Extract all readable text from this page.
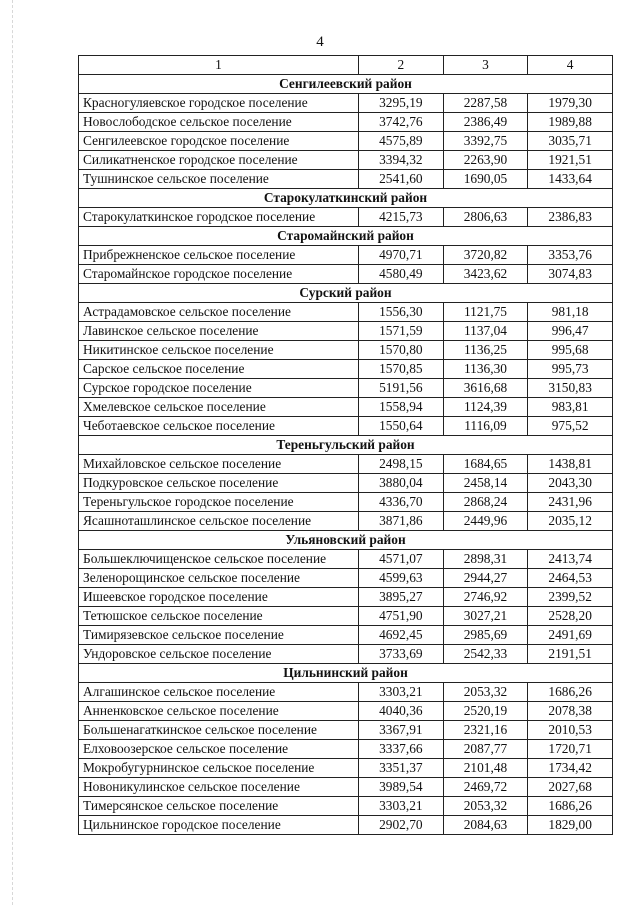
4
1	2	3	4
Сенгилеевский район			
Красногуляевское городское поселение	3295,19	2287,58	1979,30
Новослободское сельское поселение	3742,76	2386,49	1989,88
Сенгилеевское городское поселение	4575,89	3392,75	3035,71
Силикатненское городское поселение	3394,32	2263,90	1921,51
Тушнинское сельское поселение	2541,60	1690,05	1433,64
Старокулаткинский район			
Старокулаткинское городское поселение	4215,73	2806,63	2386,83
Старомайнский район			
Прибрежненское сельское поселение	4970,71	3720,82	3353,76
Старомайнское городское поселение	4580,49	3423,62	3074,83
Сурский район			
Астрадамовское сельское поселение	1556,30	1121,75	981,18
Лавинское сельское поселение	1571,59	1137,04	996,47
Никитинское сельское поселение	1570,80	1136,25	995,68
Сарское сельское поселение	1570,85	1136,30	995,73
Сурское городское поселение	5191,56	3616,68	3150,83
Хмелевское сельское поселение	1558,94	1124,39	983,81
Чеботаевское сельское поселение	1550,64	1116,09	975,52
Тереньгульский район			
Михайловское сельское поселение	2498,15	1684,65	1438,81
Подкуровское сельское поселение	3880,04	2458,14	2043,30
Тереньгульское городское поселение	4336,70	2868,24	2431,96
Ясашноташлинское сельское поселение	3871,86	2449,96	2035,12
Ульяновский район			
Большеключищенское сельское поселение	4571,07	2898,31	2413,74
Зеленорощинское сельское поселение	4599,63	2944,27	2464,53
Ишеевское городское поселение	3895,27	2746,92	2399,52
Тетюшское сельское поселение	4751,90	3027,21	2528,20
Тимирязевское сельское поселение	4692,45	2985,69	2491,69
Ундоровское сельское поселение	3733,69	2542,33	2191,51
Цильнинский район			
Алгашинское сельское поселение	3303,21	2053,32	1686,26
Анненковское сельское поселение	4040,36	2520,19	2078,38
Большенагаткинское сельское поселение	3367,91	2321,16	2010,53
Елховоозерское сельское поселение	3337,66	2087,77	1720,71
Мокробугурнинское сельское поселение	3351,37	2101,48	1734,42
Новоникулинское сельское поселение	3989,54	2469,72	2027,68
Тимерсянское сельское поселение	3303,21	2053,32	1686,26
Цильнинское городское поселение	2902,70	2084,63	1829,00
